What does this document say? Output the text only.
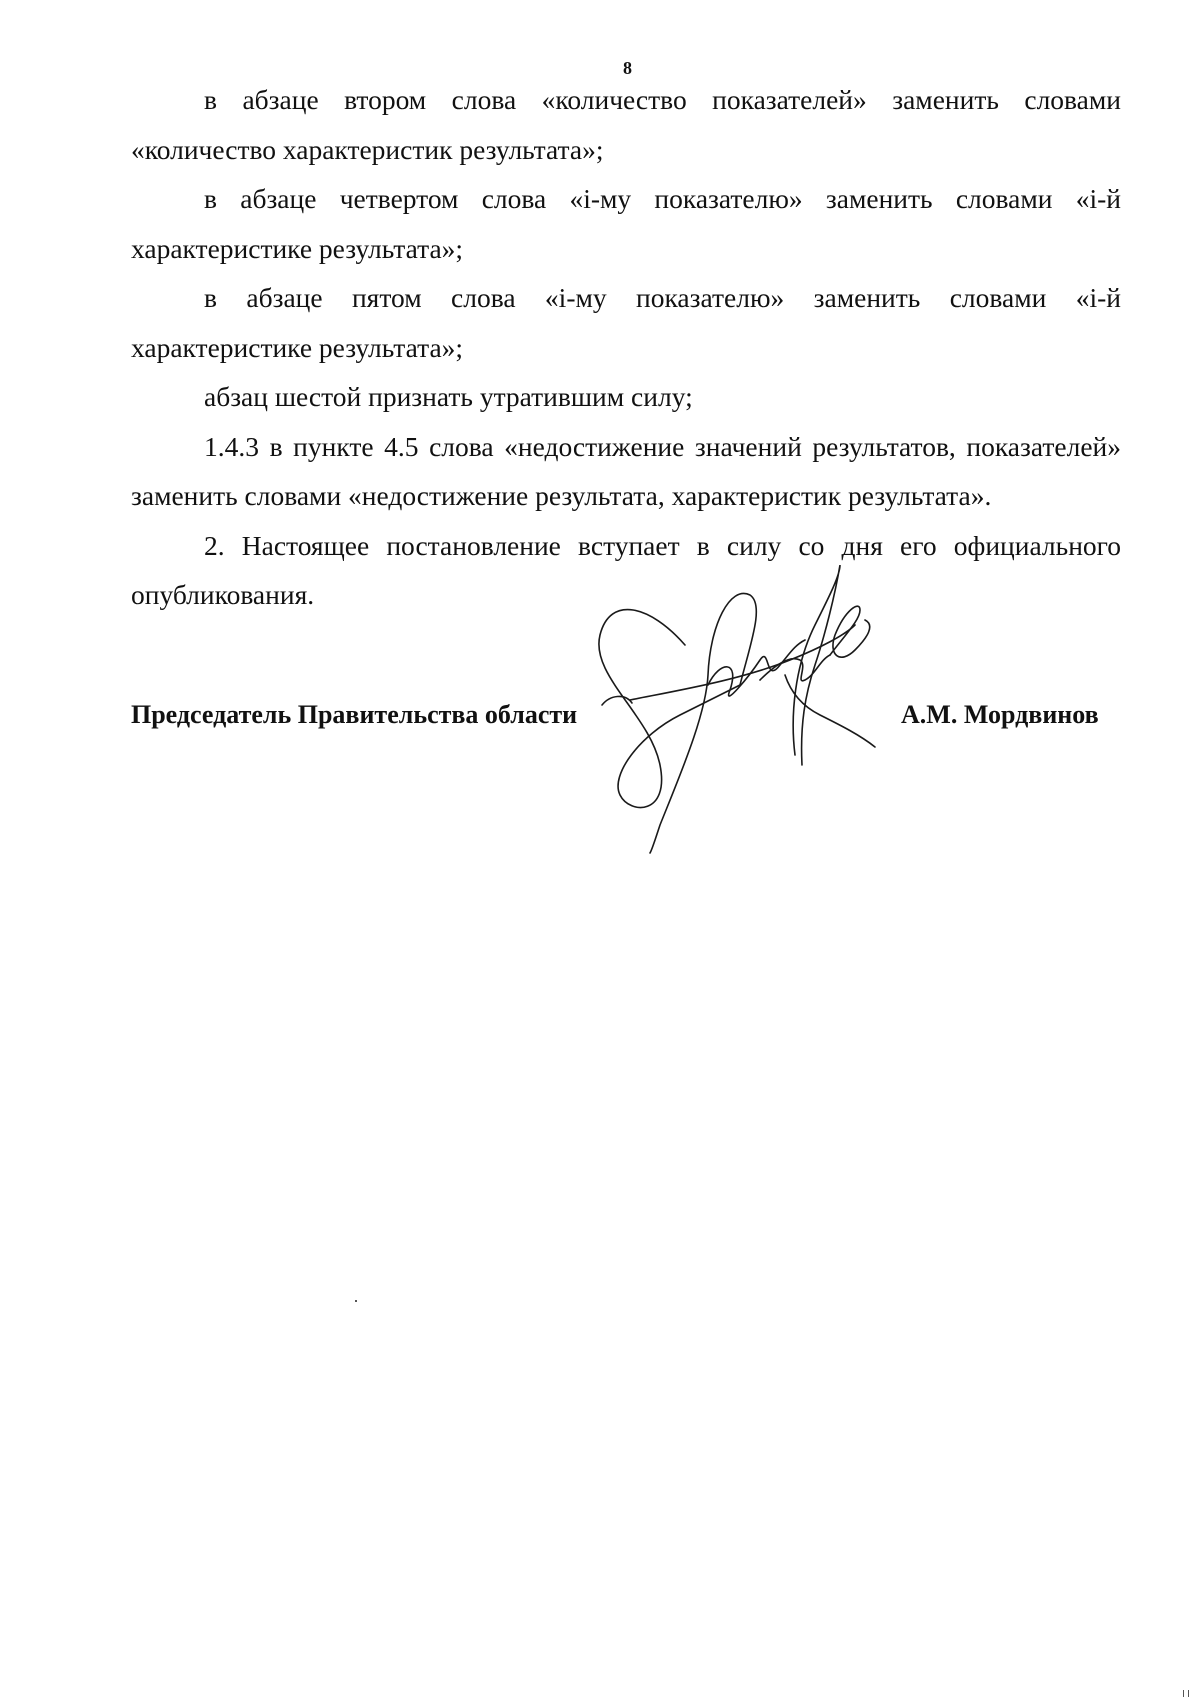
8

в абзаце втором слова «количество показателей» заменить словами «количество характеристик результата»;

в абзаце четвертом слова «i-му показателю» заменить словами «i-й характеристике результата»;

в абзаце пятом слова «i-му показателю» заменить словами «i-й характеристике результата»;

абзац шестой признать утратившим силу;

1.4.3 в пункте 4.5 слова «недостижение значений результатов, показателей» заменить словами «недостижение результата, характеристик результата».

2. Настоящее постановление вступает в силу со дня его официального опубликования.

Председатель Правительства области	А.М. Мордвинов
